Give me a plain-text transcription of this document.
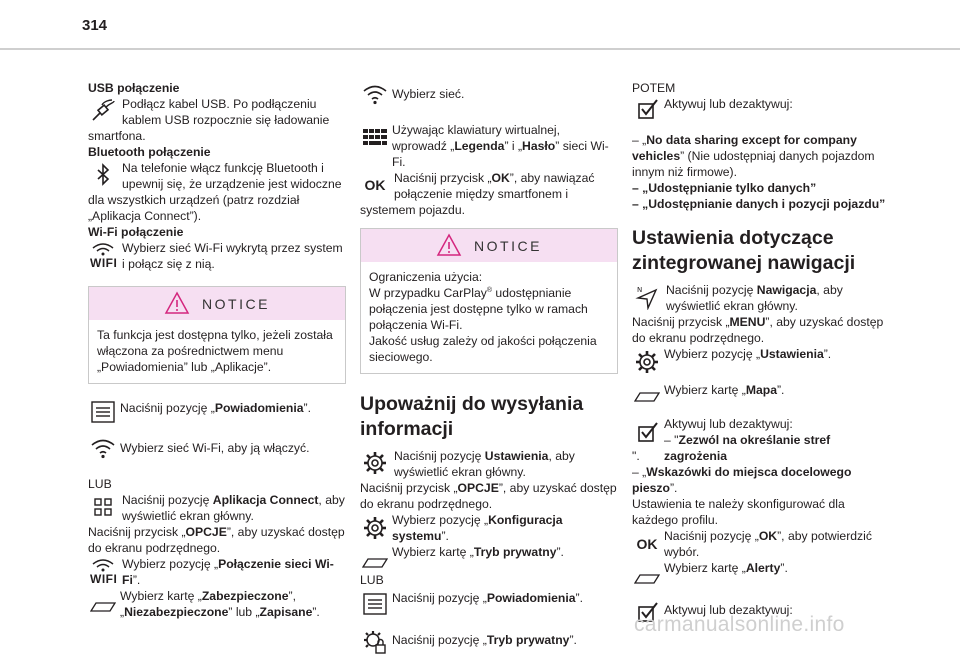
314

USB połączenie

Podłącz kabel USB. Po podłączeniu kablem USB rozpocznie się ładowanie smartfona.

Bluetooth połączenie

Na telefonie włącz funkcję Bluetooth i upewnij się, że urządzenie jest widoczne dla wszystkich urządzeń (patrz rozdział „Aplikacja Connect”).

Wi-Fi połączenie

WIFI
Wybierz sieć Wi-Fi wykrytą przez system i połącz się z nią.
NOTICE
Ta funkcja jest dostępna tylko, jeżeli została włączona za pośrednictwem menu „Powiadomienia” lub „Aplikacje”.
Naciśnij pozycję „Powiadomienia”.
Wybierz sieć Wi-Fi, aby ją włączyć.

LUB

Naciśnij pozycję Aplikacja Connect, aby wyświetlić ekran główny.

Naciśnij przycisk „OPCJE”, aby uzyskać dostęp do ekranu podrzędnego.

WIFI
Wybierz pozycję „Połączenie sieci Wi-Fi”.
Wybierz kartę „Zabezpieczone”, „Niezabezpieczone” lub „Zapisane”.
Wybierz sieć.
Używając klawiatury wirtualnej, wprowadź „Legenda” i „Hasło” sieci Wi-Fi.
OK Naciśnij przycisk „OK”, aby nawiązać połączenie między smartfonem i systemem pojazdu.
NOTICE

Ograniczenia użycia:

W przypadku CarPlay® udostępnianie połączenia jest dostępne tylko w ramach połączenia Wi-Fi.

Jakość usług zależy od jakości połączenia sieciowego.

Upoważnij do wysyłania informacji
Naciśnij pozycję Ustawienia, aby wyświetlić ekran główny.

Naciśnij przycisk „OPCJE”, aby uzyskać dostęp do ekranu podrzędnego.

Wybierz pozycję „Konfiguracja systemu”.
Wybierz kartę „Tryb prywatny”.

LUB

Naciśnij pozycję „Powiadomienia”.
Naciśnij pozycję „Tryb prywatny”.

POTEM

Aktywuj lub dezaktywuj:

– „No data sharing except for company vehicles” (Nie udostępniaj danych pojazdom innym niż firmowe).

– „Udostępnianie tylko danych”

– „Udostępnianie danych i pozycji pojazdu”

Ustawienia dotyczące zintegrowanej nawigacji
Naciśnij pozycję Nawigacja, aby wyświetlić ekran główny.

Naciśnij przycisk „MENU”, aby uzyskać dostęp do ekranu podrzędnego.

Wybierz pozycję „Ustawienia”.
Wybierz kartę „Mapa”.
Aktywuj lub dezaktywuj:
– "Zezwól na określanie stref zagrożenia

".
– „Wskazówki do miejsca docelowego pieszo”.

Ustawienia te należy skonfigurować dla każdego profilu.

OK Naciśnij pozycję „OK”, aby potwierdzić wybór.
Wybierz kartę „Alerty”.
Aktywuj lub dezaktywuj:
carmanualsonline.info
